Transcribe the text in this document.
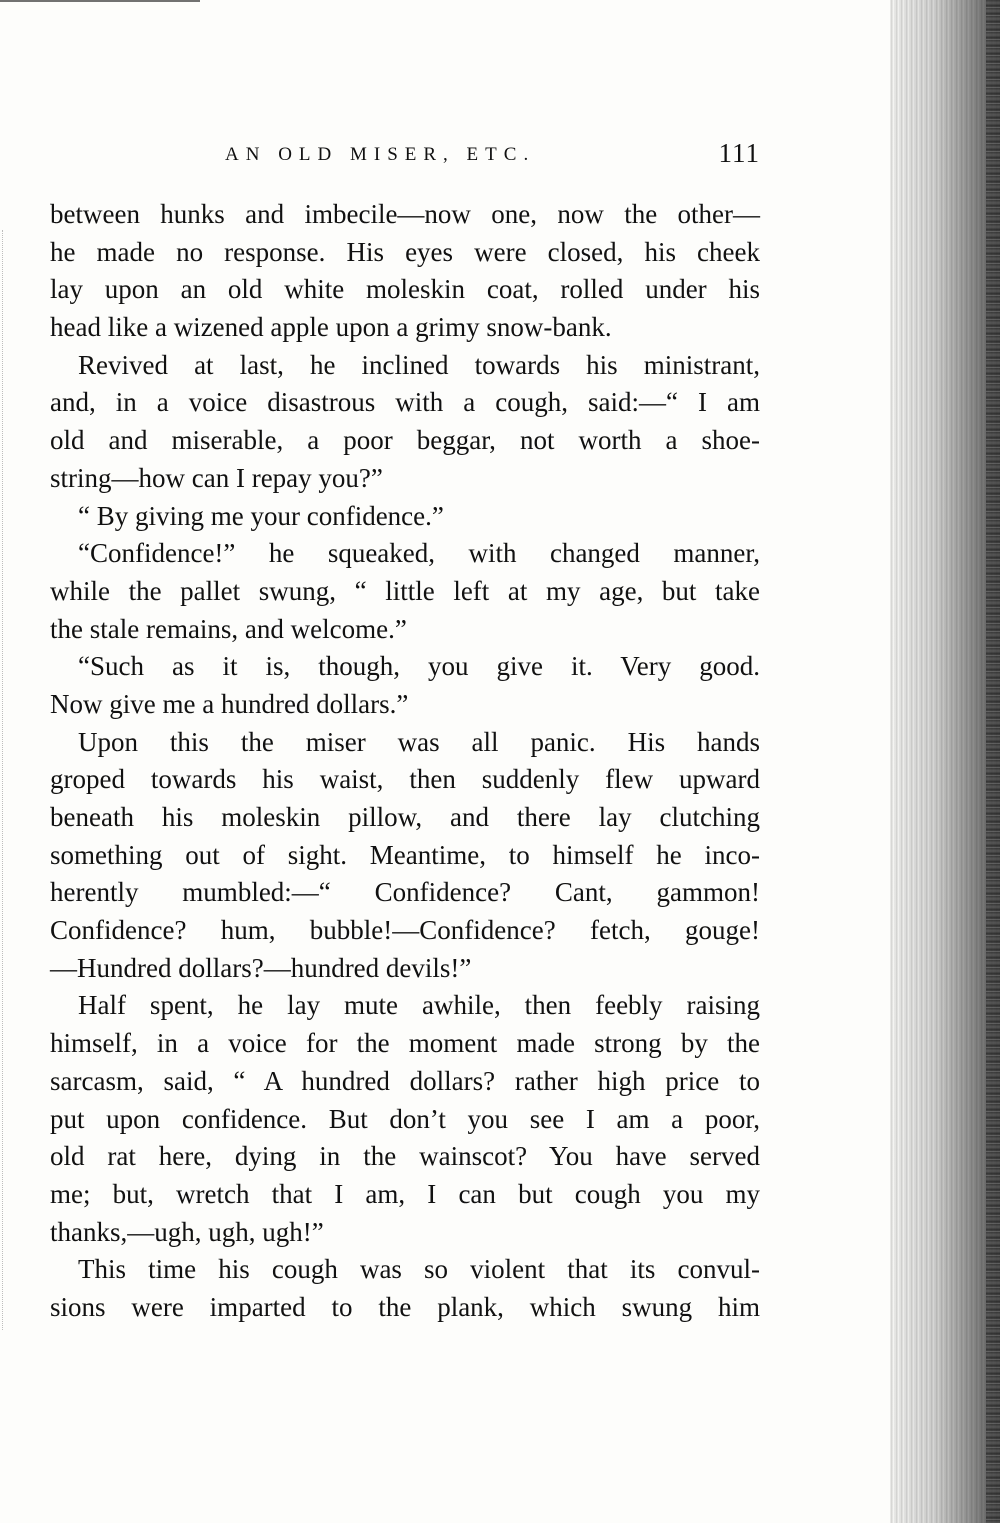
AN OLD MISER, ETC.	111
between hunks and imbecile—now one, now the other—
he made no response. His eyes were closed, his cheek
lay upon an old white moleskin coat, rolled under his
head like a wizened apple upon a grimy snow-bank.
Revived at last, he inclined towards his ministrant,
and, in a voice disastrous with a cough, said:—“ I am
old and miserable, a poor beggar, not worth a shoe-
string—how can I repay you?”
“ By giving me your confidence.”
“Confidence!” he squeaked, with changed manner,
while the pallet swung, “ little left at my age, but take
the stale remains, and welcome.”
“Such as it is, though, you give it. Very good.
Now give me a hundred dollars.”
Upon this the miser was all panic. His hands
groped towards his waist, then suddenly flew upward
beneath his moleskin pillow, and there lay clutching
something out of sight. Meantime, to himself he inco-
herently mumbled:—“ Confidence? Cant, gammon!
Confidence? hum, bubble!—Confidence? fetch, gouge!
—Hundred dollars?—hundred devils!”
Half spent, he lay mute awhile, then feebly raising
himself, in a voice for the moment made strong by the
sarcasm, said, “ A hundred dollars? rather high price to
put upon confidence. But don’t you see I am a poor,
old rat here, dying in the wainscot? You have served
me; but, wretch that I am, I can but cough you my
thanks,—ugh, ugh, ugh!”
This time his cough was so violent that its convul-
sions were imparted to the plank, which swung him
